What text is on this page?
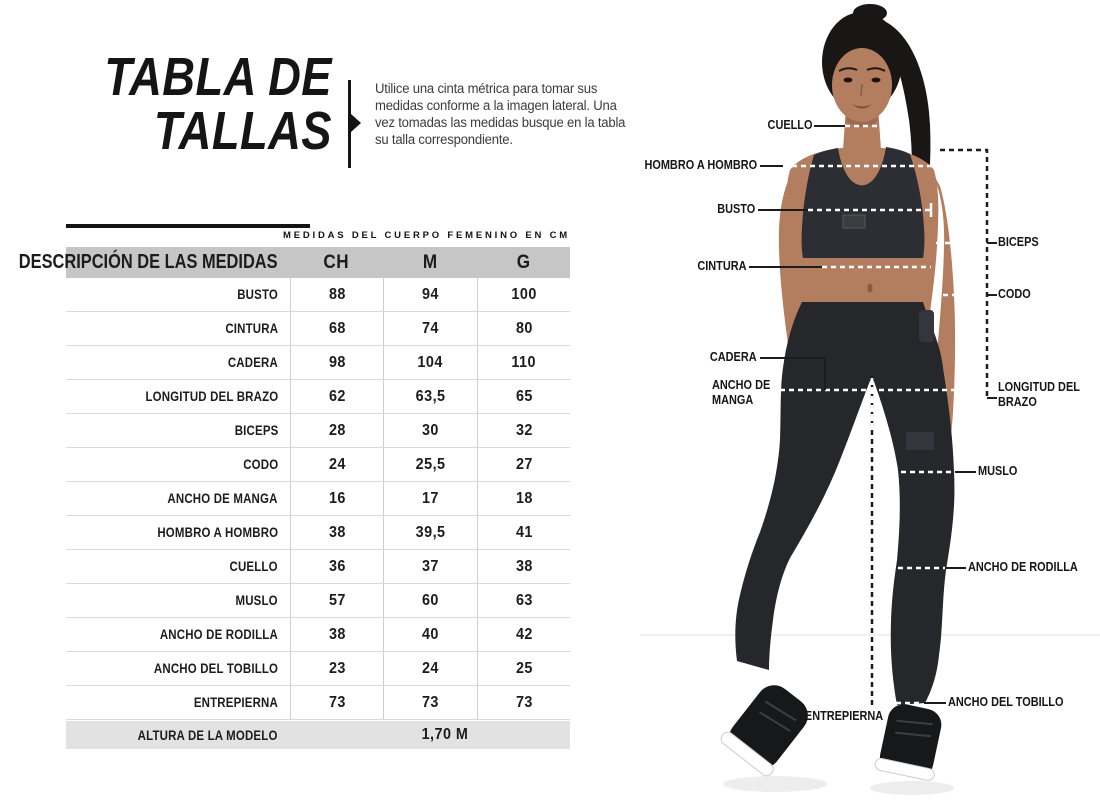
TABLA DE
TALLAS

Utilice una cinta métrica para tomar sus medidas conforme a la imagen lateral. Una vez tomadas las medidas busque en la tabla su talla correspondiente.

MEDIDAS DEL CUERPO FEMENINO EN CM
DESCRIPCIÓN DE LAS MEDIDAS CH	M	G
BUSTO	88	94	100
CINTURA	68	74	80
CADERA	98	104	110
LONGITUD DEL BRAZO	62	63,5	65
BICEPS	28	30	32
CODO	24	25,5	27
ANCHO DE MANGA	16	17	18
HOMBRO A HOMBRO	38	39,5	41
CUELLO	36	37	38
MUSLO	57	60	63
ANCHO DE RODILLA	38	40	42
ANCHO DEL TOBILLO	23	24	25
ENTREPIERNA	73	73	73
ALTURA DE LA MODELO	1,70 M
CUELLO
HOMBRO A HOMBRO
BUSTO
CINTURA
CADERA
ANCHO DE MANGA
BICEPS
CODO
LONGITUD DEL BRAZO
MUSLO
ANCHO DE RODILLA
ANCHO DEL TOBILLO
ENTREPIERNA
